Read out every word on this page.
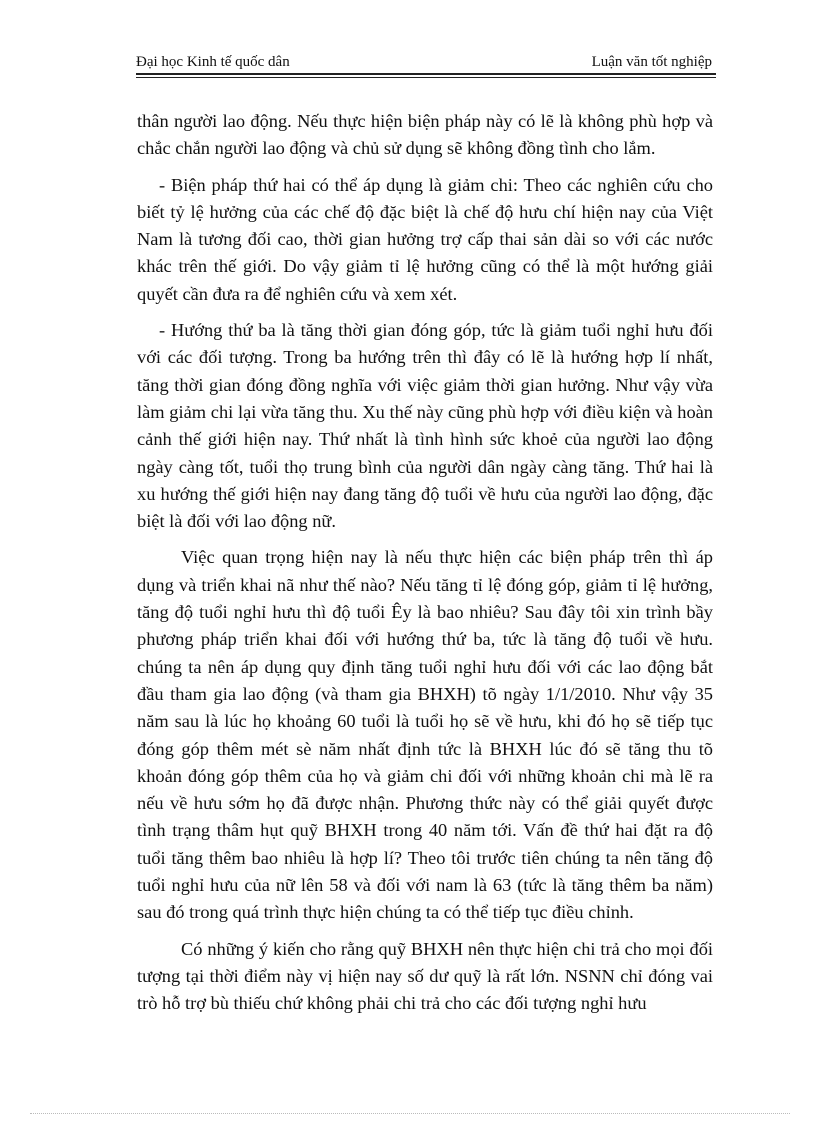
Đại học Kinh tế quốc dân	Luận văn tốt nghiệp

thân người lao động. Nếu thực hiện biện pháp này có lẽ là không phù hợp và chắc chắn người lao động và chủ sử dụng sẽ không đồng tình cho lắm.

- Biện pháp thứ hai có thể áp dụng là giảm chi: Theo các nghiên cứu cho biết tỷ lệ hưởng của các chế độ đặc biệt là chế độ hưu chí hiện nay của Việt Nam là tương đối cao, thời gian hưởng trợ cấp thai sản dài so với các nước khác trên thế giới. Do vậy giảm tỉ lệ hưởng cũng có thể là một hướng giải quyết cần đưa ra để nghiên cứu và xem xét.

- Hướng thứ ba là tăng thời gian đóng góp, tức là giảm tuổi nghỉ hưu đối với các đối tượng. Trong ba hướng trên thì đây có lẽ là hướng hợp lí nhất, tăng thời gian đóng đồng nghĩa với việc giảm thời gian hưởng. Như vậy vừa làm giảm chi lại vừa tăng thu. Xu thế này cũng phù hợp với điều kiện và hoàn cảnh thế giới hiện nay. Thứ nhất là tình hình sức khoẻ của người lao động ngày càng tốt, tuổi thọ trung bình của người dân ngày càng tăng. Thứ hai là xu hướng thế giới hiện nay đang tăng độ tuổi về hưu của người lao động, đặc biệt là đối với lao động nữ.

Việc quan trọng hiện nay là nếu thực hiện các biện pháp trên thì áp dụng và triển khai nã như thế nào? Nếu tăng tỉ lệ đóng góp, giảm tỉ lệ hưởng, tăng độ tuổi nghỉ hưu thì độ tuổi Êy là bao nhiêu? Sau đây tôi xin trình bầy phương pháp triển khai đối với hướng thứ ba, tức là tăng độ tuổi về hưu. chúng ta nên áp dụng quy định tăng tuổi nghỉ hưu đối với các lao động bắt đầu tham gia lao động (và tham gia BHXH) tõ ngày 1/1/2010. Như vậy 35 năm sau là lúc họ khoảng 60 tuổi là tuổi họ sẽ về hưu, khi đó họ sẽ tiếp tục đóng góp thêm mét sè năm nhất định tức là BHXH lúc đó sẽ tăng thu tõ khoản đóng góp thêm của họ và giảm chi đối với những khoản chi mà lẽ ra nếu về hưu sớm họ đã được nhận. Phương thức này có thể giải quyết được tình trạng thâm hụt quỹ BHXH trong 40 năm tới. Vấn đề thứ hai đặt ra độ tuổi tăng thêm bao nhiêu là hợp lí? Theo tôi trước tiên chúng ta nên tăng độ tuổi nghỉ hưu của nữ lên 58 và đối với nam là 63 (tức là tăng thêm ba năm) sau đó trong quá trình thực hiện chúng ta có thể tiếp tục điều chỉnh.

Có những ý kiến cho rằng quỹ BHXH nên thực hiện chi trả cho mọi đối tượng tại thời điểm này vị hiện nay số dư quỹ là rất lớn. NSNN chỉ đóng vai trò hỗ trợ bù thiếu chứ không phải chi trả cho các đối tượng nghỉ hưu
